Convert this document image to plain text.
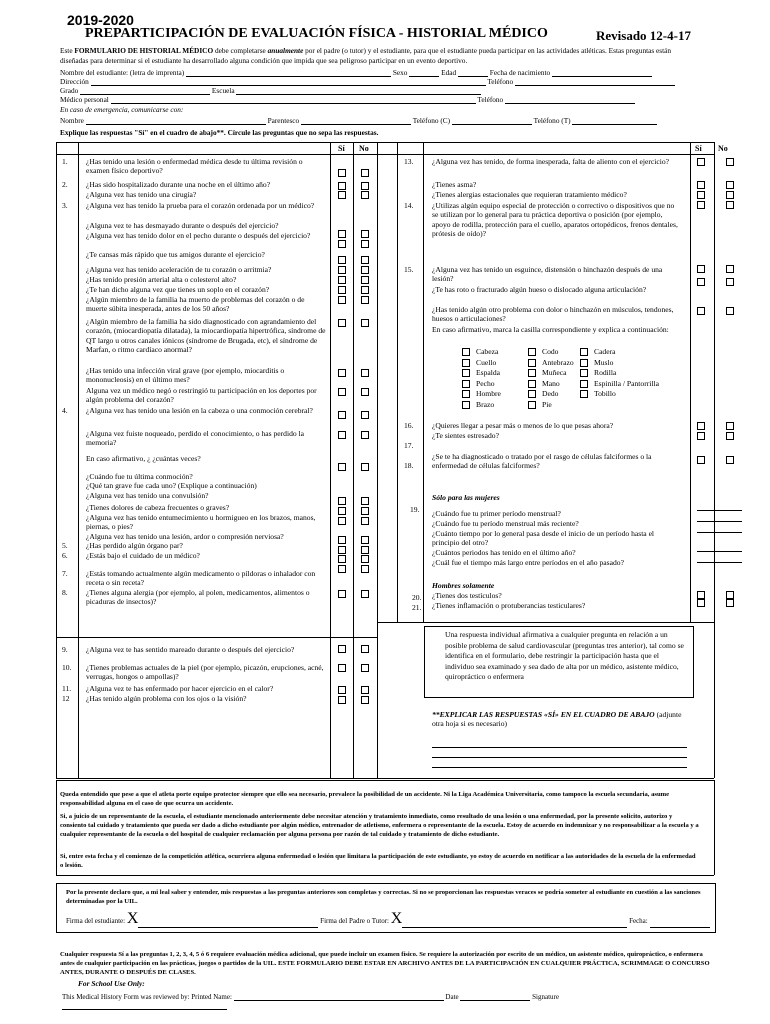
2019-2020
PREPARTICIPACIÓN DE EVALUACIÓN FÍSICA - HISTORIAL MÉDICO	Revisado 12-4-17
Este FORMULARIO DE HISTORIAL MÉDICO debe completarse anualmente por el padre (o tutor) y el estudiante, para que el estudiante pueda participar en las actividades atléticas. Estas preguntas están diseñadas para determinar si el estudiante ha desarrollado alguna condición que impida que sea peligroso participar en un evento deportivo.
Nombre del estudiante: (letra de imprenta)	Sexo	Edad	Fecha de nacimiento
Dirección	Teléfono
Grado	Escuela
Médico personal	Teléfono
En caso de emergencia, comunicarse con:
Nombre	Parentesco	Teléfono (C)	Teléfono (T)
Explique las respuestas "Sí" en el cuadro de abajo**. Círcule las preguntas que no sepa las respuestas.
Sí No	Sí No
1. ¿Has tenido una lesión o enfermedad médica desde tu última revisión o examen físico deportivo?
2. ¿Has sido hospitalizado durante una noche en el último año?
¿Alguna vez has tenido una cirugía?
3. ¿Alguna vez has tenido la prueba para el corazón ordenada por un médico?
¿Alguna vez te has desmayado durante o después del ejercicio?
¿Alguna vez has tenido dolor en el pecho durante o después del ejercicio?
¿Te cansas más rápido que tus amigos durante el ejercicio?
¿Alguna vez has tenido aceleración de tu corazón o arritmia?
¿Has tenido presión arterial alta o colesterol alto?
¿Te han dicho alguna vez que tienes un soplo en el corazón?
¿Algún miembro de la familia ha muerto de problemas del corazón o de muerte súbita inesperada, antes de los 50 años?
¿Algún miembro de la familia ha sido diagnosticado con agrandamiento del corazón, (miocardiopatía dilatada), la miocardiopatía hipertrófica, síndrome de QT largo u otros canales iónicos (síndrome de Brugada, etc), el síndrome de Marfan, o ritmo cardíaco anormal?
¿Has tenido una infección viral grave (por ejemplo, miocarditis o mononucleosis) en el último mes?
Alguna vez un médico negó o restringió tu participación en los deportes por algún problema del corazón?
4. ¿Alguna vez has tenido una lesión en la cabeza o una conmoción cerebral?
¿Alguna vez fuiste noqueado, perdido el conocimiento, o has perdido la memoria?
En caso afirmativo, ¿ ¿cuántas veces?
¿Cuándo fue tu última conmoción?
¿Qué tan grave fue cada uno? (Explique a continuación)
¿Alguna vez has tenido una convulsión?
¿Tienes dolores de cabeza frecuentes o graves?
¿Alguna vez has tenido entumecimiento u hormigueo en los brazos, manos, piernas, o pies?
¿Alguna vez has tenido una lesión, ardor o compresión nerviosa?
5. ¿Has perdido algún órgano par?
6. ¿Estás bajo el cuidado de un médico?
7. ¿Estás tomando actualmente algún medicamento o píldoras o inhalador con receta o sin receta?
8. ¿Tienes alguna alergia (por ejemplo, al polen, medicamentos, alimentos o picaduras de insectos)?
9. ¿Alguna vez te has sentido mareado durante o después del ejercicio?
10. ¿Tienes problemas actuales de la piel (por ejemplo, picazón, erupciones, acné, verrugas, hongos o ampollas)?
11. ¿Alguna vez te has enfermado por hacer ejercicio en el calor?
12 ¿Has tenido algún problema con los ojos o la visión?
13. ¿Alguna vez has tenido, de forma inesperada, falta de aliento con el ejercicio?
¿Tienes asma?
¿Tienes alergias estacionales que requieran tratamiento médico?
14. ¿Utilizas algún equipo especial de protección o correctivo o dispositivos que no se utilizan por lo general para tu práctica deportiva o posición (por ejemplo, apoyo de rodilla, protección para el cuello, aparatos ortopédicos, frenos dentales, prótesis de oído)?
15. ¿Alguna vez has tenido un esguince, distensión o hinchazón después de una lesión?
¿Te has roto o fracturado algún hueso o dislocado alguna articulación?
¿Has tenido algún otro problema con dolor o hinchazón en músculos, tendones, huesos o articulaciones?
En caso afirmativo, marca la casilla correspondiente y explica a continuación:
Cabeza	Codo	Cadera
Cuello	Antebrazo	Muslo
Espalda	Muñeca	Rodilla
Pecho	Mano	Espinilla / Pantorrilla
Hombre	Dedo	Tobillo
Brazo	Pie
16. ¿Quieres llegar a pesar más o menos de lo que pesas ahora?
¿Te sientes estresado?
17.
18.
¿Se te ha diagnosticado o tratado por el rasgo de células falciformes o la enfermedad de células falciformes?
Sólo para las mujeres
19. ¿Cuándo fue tu primer período menstrual?
¿Cuándo fue tu período menstrual más reciente?
¿Cuánto tiempo por lo general pasa desde el inicio de un período hasta el principio del otro?
¿Cuántos periodos has tenido en el último año?
¿Cuál fue el tiempo más largo entre períodos en el año pasado?
Hombres solamente
20. ¿Tienes dos testículos?
21. ¿Tienes inflamación o protuberancias testiculares?
Una respuesta individual afirmativa a cualquier pregunta en relación a un posible problema de salud cardiovascular (preguntas tres anterior), tal como se identifica en el formulario, debe restringir la participación hasta que el individuo sea examinado y sea dado de alta por un médico, asistente médico, quiropráctico o enfermera
**EXPLICAR LAS RESPUESTAS «SÍ» EN EL CUADRO DE ABAJO (adjunte otra hoja si es necesario)
Queda entendido que pese a que el atleta porte equipo protector siempre que ello sea necesario, prevalece la posibilidad de un accidente. Ni la Liga Académica Universitaria, como tampoco la escuela secundaria, asume responsabilidad alguna en el caso de que ocurra un accidente.
Si, a juicio de un representante de la escuela, el estudiante mencionado anteriormente debe necesitar atención y tratamiento inmediato, como resultado de una lesión o una enfermedad, por la presente solicito, autorizo y consiento tal cuidado y tratamiento que pueda ser dado a dicho estudiante por algún médico, entrenador de atletismo, enfermera o representante de la escuela. Estoy de acuerdo en indemnizar y no responsabilizar a la escuela y a cualquier representante de la escuela o del hospital de cualquier reclamación por alguna persona por razón de tal cuidado y tratamiento de dicho estudiante.
Si, entre esta fecha y el comienzo de la competición atlética, ocurriera alguna enfermedad o lesión que limitara la participación de este estudiante, yo estoy de acuerdo en notificar a las autoridades de la escuela de la enfermedad o lesión.
Por la presente declaro que, a mi leal saber y entender, mis respuestas a las preguntas anteriores son completas y correctas. Si no se proporcionan las respuestas veraces se podría someter al estudiante en cuestión a las sanciones determinadas por la UIL.
Firma del estudiante: X	Firma del Padre o Tutor: X	Fecha:
Cualquier respuesta Sí a las preguntas 1, 2, 3, 4, 5 ó 6 requiere evaluación médica adicional, que puede incluir un examen físico. Se requiere la autorización por escrito de un médico, un asistente médico, quiropráctico, o enfermera antes de cualquier participación en las prácticas, juegos o partidos de la UIL. ESTE FORMULARIO DEBE ESTAR EN ARCHIVO ANTES DE LA PARTICIPACIÓN EN CUALQUIER PRÁCTICA, SCRIMMAGE O CONCURSO ANTES, DURANTE O DESPUÉS DE CLASES.
For School Use Only:
This Medical History Form was reviewed by: Printed Name:	Date	Signature
